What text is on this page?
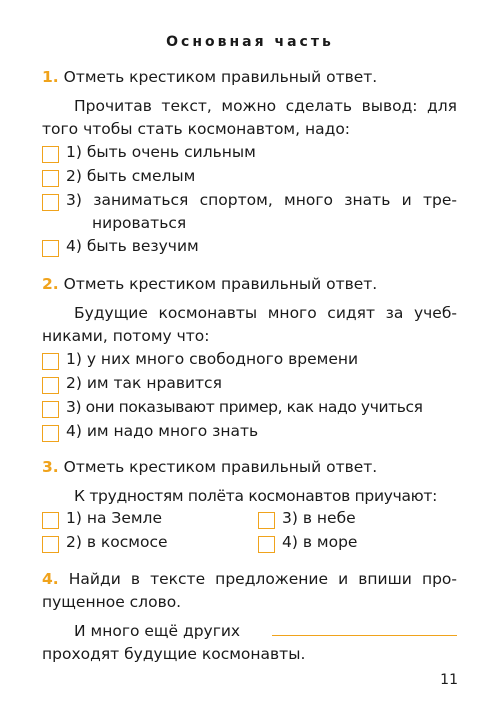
Основная часть
1. Отметь крестиком правильный ответ.
Прочитав текст, можно сделать вывод: для
того чтобы стать космонавтом, надо:
1) быть очень сильным
2) быть смелым
3) заниматься спортом, много знать и тре-
нироваться
4) быть везучим
2. Отметь крестиком правильный ответ.
Будущие космонавты много сидят за учеб-
никами, потому что:
1) у них много свободного времени
2) им так нравится
3) они показывают пример, как надо учиться
4) им надо много знать
3. Отметь крестиком правильный ответ.
К трудностям полёта космонавтов приучают:
1) на Земле
2) в космосе
3) в небе
4) в море
4. Найди в тексте предложение и впиши про-
пущенное слово.
И много ещё других
проходят будущие космонавты.
11
